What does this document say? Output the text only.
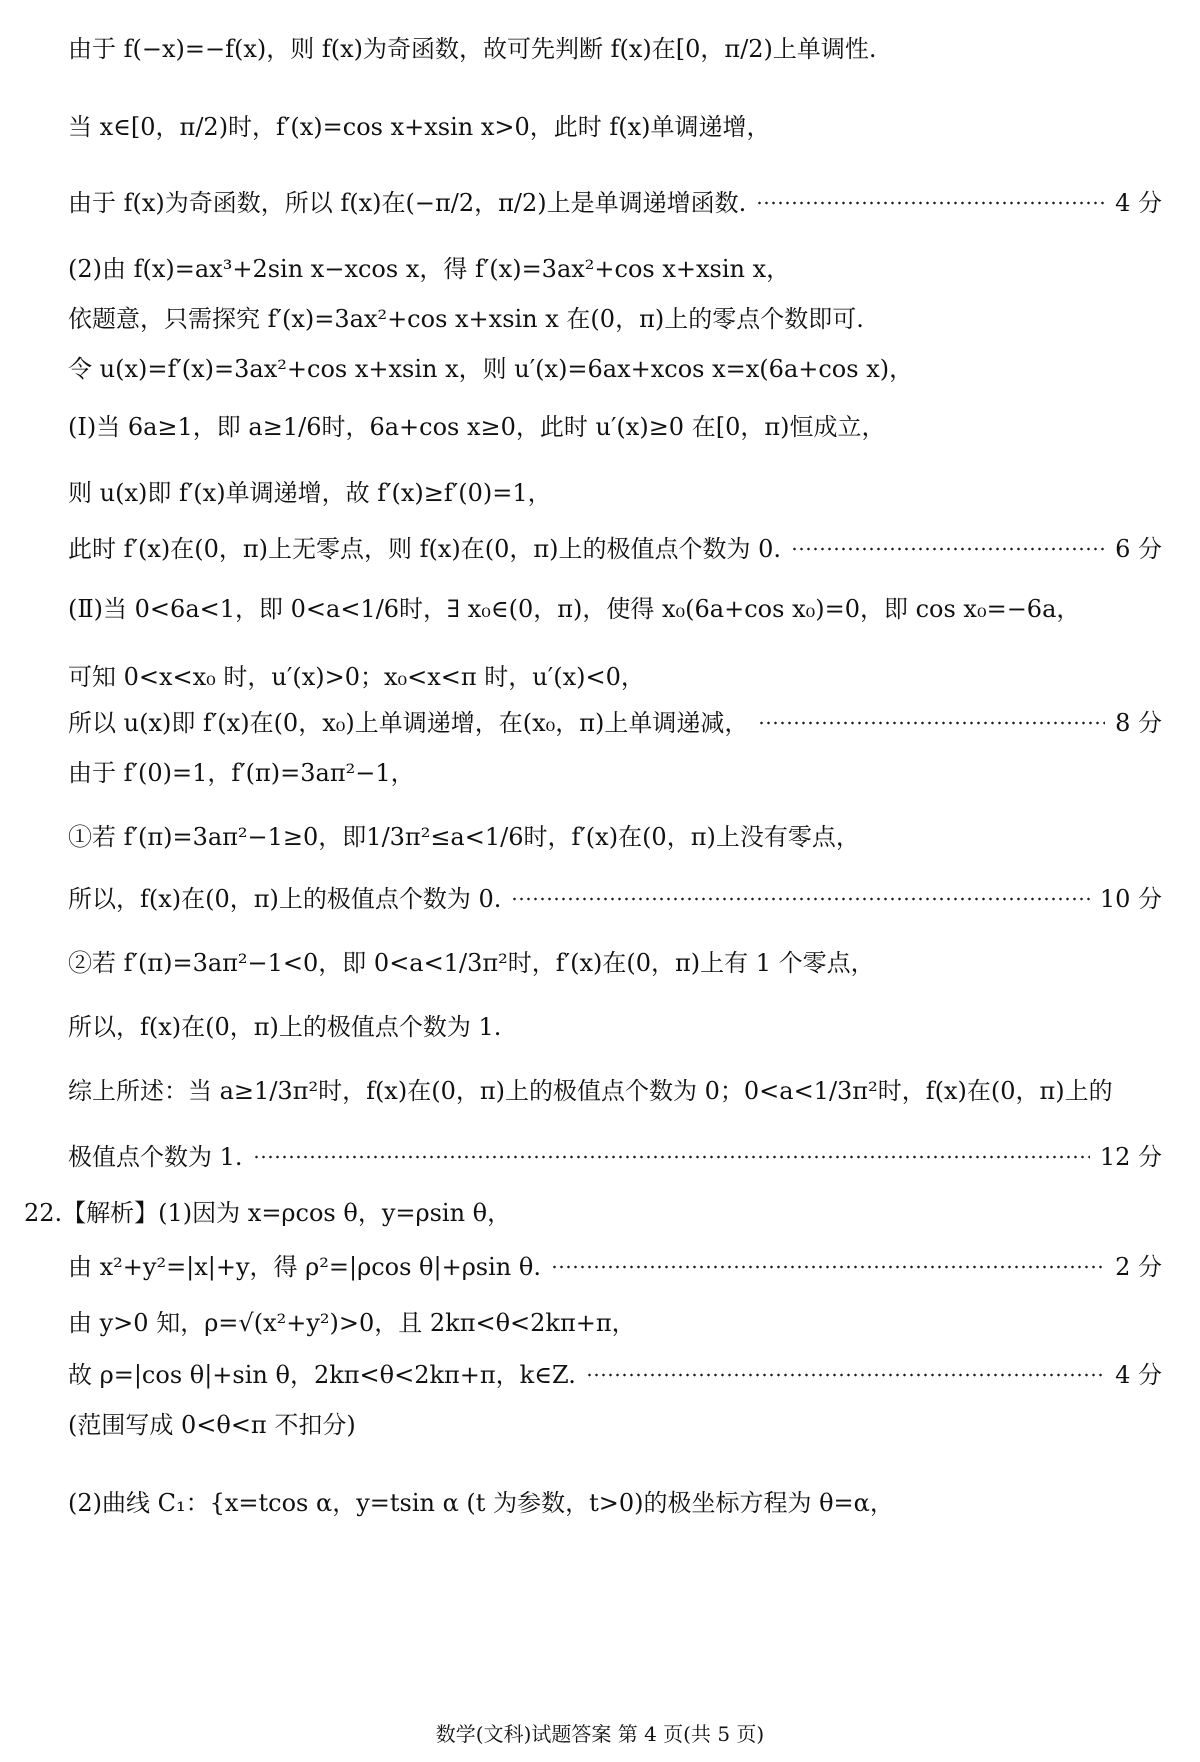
由于 f(−x)=−f(x)，则 f(x)为奇函数，故可先判断 f(x)在[0，π/2)上单调性.
当 x∈[0，π/2)时，f′(x)=cos x+xsin x>0，此时 f(x)单调递增，
由于 f(x)为奇函数，所以 f(x)在(−π/2，π/2)上是单调递增函数.	4 分
(2)由 f(x)=ax³+2sin x−xcos x，得 f′(x)=3ax²+cos x+xsin x，
依题意，只需探究 f′(x)=3ax²+cos x+xsin x 在(0，π)上的零点个数即可.
令 u(x)=f′(x)=3ax²+cos x+xsin x，则 u′(x)=6ax+xcos x=x(6a+cos x)，
(Ⅰ)当 6a≥1，即 a≥1/6时，6a+cos x≥0，此时 u′(x)≥0 在[0，π)恒成立，
则 u(x)即 f′(x)单调递增，故 f′(x)≥f′(0)=1，
此时 f′(x)在(0，π)上无零点，则 f(x)在(0，π)上的极值点个数为 0.	6 分
(Ⅱ)当 0<6a<1，即 0<a<1/6时，∃ x₀∈(0，π)，使得 x₀(6a+cos x₀)=0，即 cos x₀=−6a，
可知 0<x<x₀ 时，u′(x)>0；x₀<x<π 时，u′(x)<0，
所以 u(x)即 f′(x)在(0，x₀)上单调递增，在(x₀，π)上单调递减，	8 分
由于 f′(0)=1，f′(π)=3aπ²−1，
①若 f′(π)=3aπ²−1≥0，即1/3π²≤a<1/6时，f′(x)在(0，π)上没有零点，
所以，f(x)在(0，π)上的极值点个数为 0.	10 分
②若 f′(π)=3aπ²−1<0，即 0<a<1/3π²时，f′(x)在(0，π)上有 1 个零点，
所以，f(x)在(0，π)上的极值点个数为 1.
综上所述：当 a≥1/3π²时，f(x)在(0，π)上的极值点个数为 0；0<a<1/3π²时，f(x)在(0，π)上的
极值点个数为 1.	12 分
22.【解析】(1)因为 x=ρcos θ，y=ρsin θ，
由 x²+y²=|x|+y，得 ρ²=|ρcos θ|+ρsin θ.	2 分
由 y>0 知，ρ=√(x²+y²)>0，且 2kπ<θ<2kπ+π，
故 ρ=|cos θ|+sin θ，2kπ<θ<2kπ+π，k∈Z.	4 分
(范围写成 0<θ<π 不扣分)
(2)曲线 C₁：{x=tcos α，y=tsin α (t 为参数，t>0)的极坐标方程为 θ=α，
数学(文科)试题答案 第 4 页(共 5 页)
